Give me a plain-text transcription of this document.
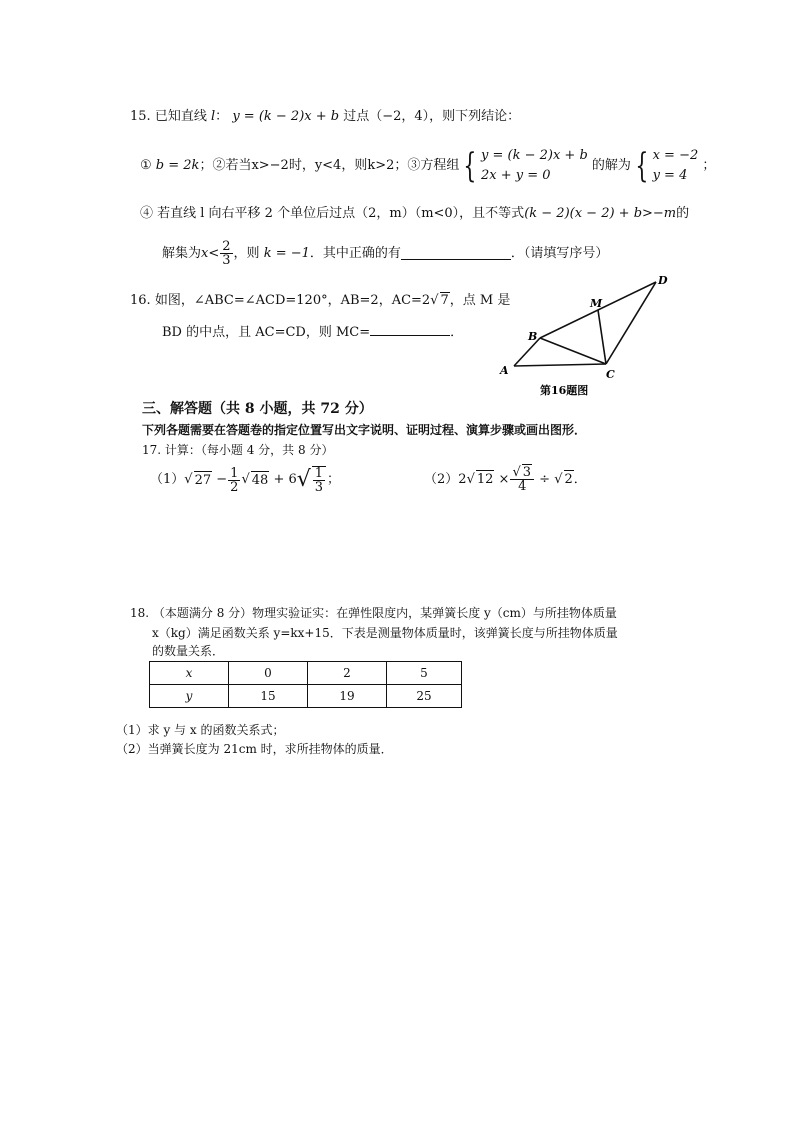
15. 已知直线 l： y = (k − 2)x + b 过点（−2，4），则下列结论：
①
b = 2k ；②若当x>−2时，y<4，则k>2；③方程组 { y = (k − 2)x + b
2x + y = 0

的解为 { x = −2
y = 4

；
④ 若直线 l 向右平移 2 个单位后过点（2，m）（m<0），且不等式(k − 2)(x − 2) + b>−m的
解集为 $x< \frac{2}{3}$ ，则
k = −1 ．其中正确的有	．（请填写序号）
16. 如图，∠ABC=∠ACD=120°，AB=2，AC=2√ 7，点 M 是
BD 的中点，且 AC=CD，则 MC=	．
A
B
C
D
M
第16题图
三、解答题（共 8 小题，共 72 分）
下列各题需要在答题卷的指定位置写出文字说明、证明过程、演算步骤或画出图形．
17. 计算：（每小题 4 分，共 8 分）
（1） √ 27
− $\frac{1}{2}$ √ 48
+ 6 √ $\frac{1}{3}$ ；	（2） 2 √ 12
× $\frac{√ 3}{4}$
÷ √ 2 ．
18. （本题满分 8 分）物理实验证实：在弹性限度内，某弹簧长度 y（cm）与所挂物体质量
x（kg）满足函数关系 y=kx+15．下表是测量物体质量时，该弹簧长度与所挂物体质量
的数量关系．
x	0	2	5
y	15	19	25
（1）求 y 与 x 的函数关系式；
（2）当弹簧长度为 21cm 时，求所挂物体的质量．
